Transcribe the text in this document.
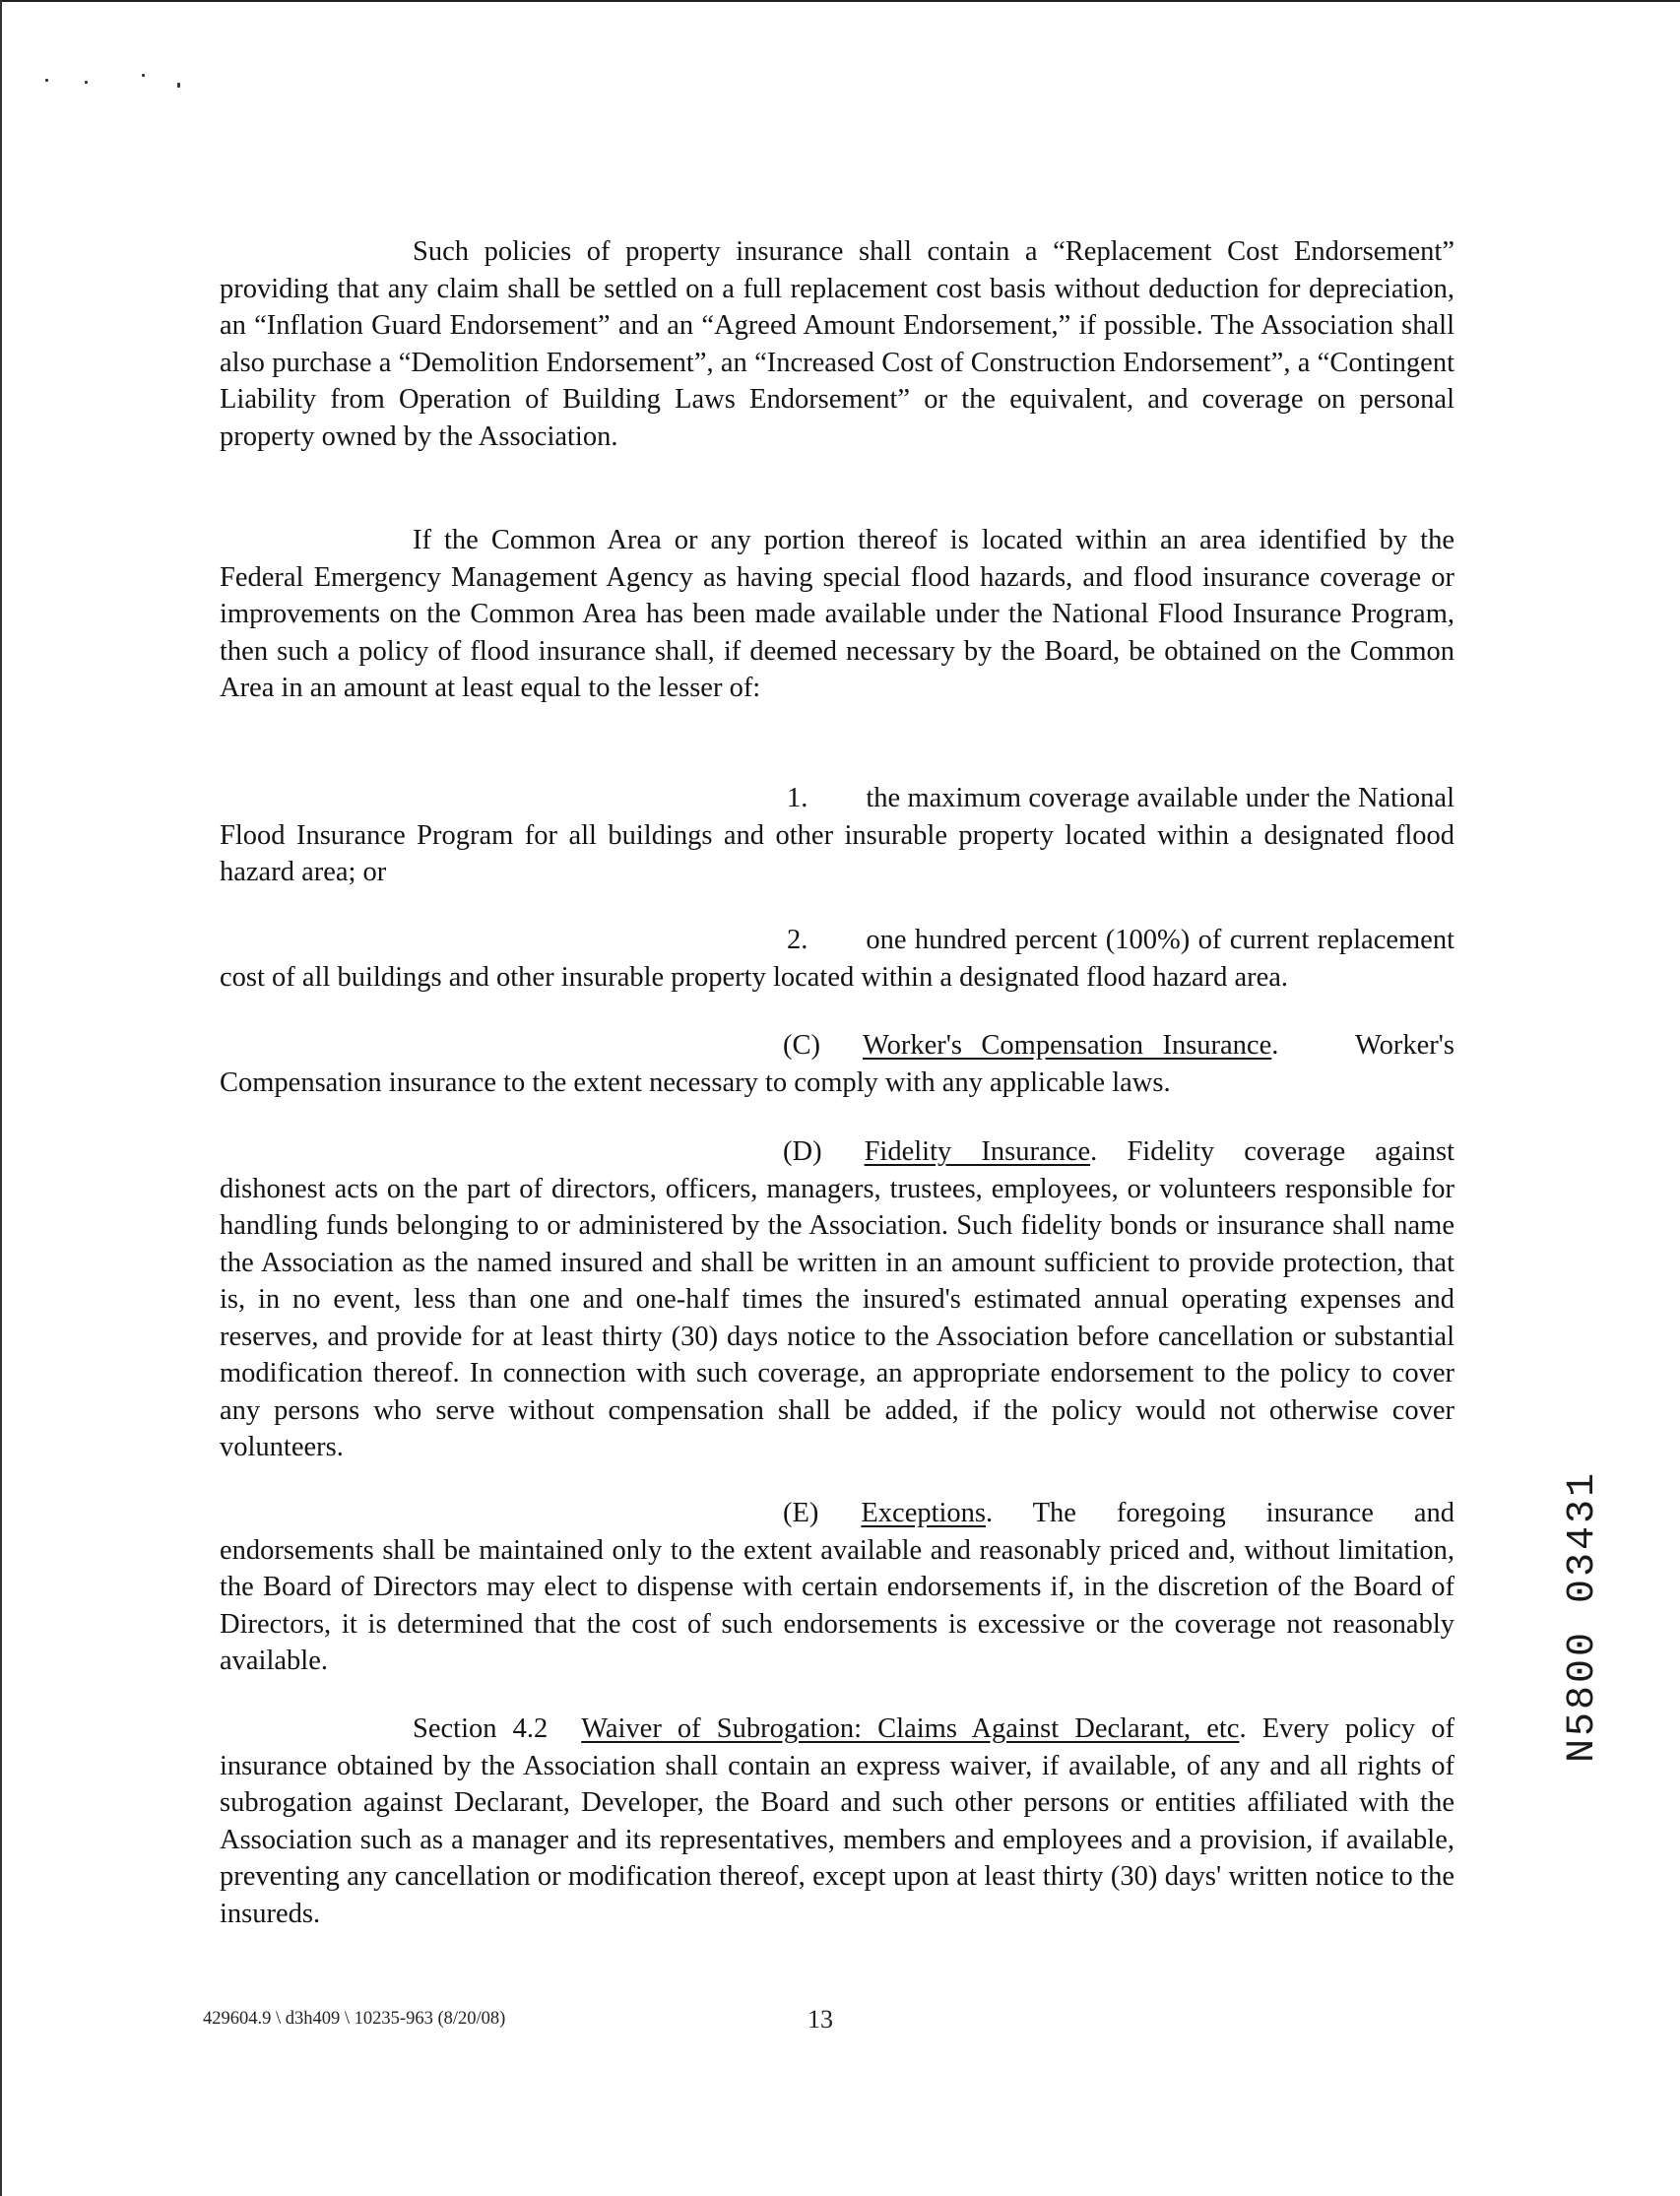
Such policies of property insurance shall contain a “Replacement Cost Endorsement” providing that any claim shall be settled on a full replacement cost basis without deduction for depreciation, an “Inflation Guard Endorsement” and an “Agreed Amount Endorsement,” if possible. The Association shall also purchase a “Demolition Endorsement”, an “Increased Cost of Construction Endorsement”, a “Contingent Liability from Operation of Building Laws Endorsement” or the equivalent, and coverage on personal property owned by the Association.

If the Common Area or any portion thereof is located within an area identified by the Federal Emergency Management Agency as having special flood hazards, and flood insurance coverage or improvements on the Common Area has been made available under the National Flood Insurance Program, then such a policy of flood insurance shall, if deemed necessary by the Board, be obtained on the Common Area in an amount at least equal to the lesser of:

1. the maximum coverage available under the National Flood Insurance Program for all buildings and other insurable property located within a designated flood hazard area; or

2. one hundred percent (100%) of current replacement cost of all buildings and other insurable property located within a designated flood hazard area.

(C) Worker's Compensation Insurance.    Worker's Compensation insurance to the extent necessary to comply with any applicable laws.

(D) Fidelity Insurance. Fidelity coverage against dishonest acts on the part of directors, officers, managers, trustees, employees, or volunteers responsible for handling funds belonging to or administered by the Association. Such fidelity bonds or insurance shall name the Association as the named insured and shall be written in an amount sufficient to provide protection, that is, in no event, less than one and one-half times the insured's estimated annual operating expenses and reserves, and provide for at least thirty (30) days notice to the Association before cancellation or substantial modification thereof. In connection with such coverage, an appropriate endorsement to the policy to cover any persons who serve without compensation shall be added, if the policy would not otherwise cover volunteers.

(E) Exceptions. The foregoing insurance and endorsements shall be maintained only to the extent available and reasonably priced and, without limitation, the Board of Directors may elect to dispense with certain endorsements if, in the discretion of the Board of Directors, it is determined that the cost of such endorsements is excessive or the coverage not reasonably available.

Section 4.2 Waiver of Subrogation: Claims Against Declarant, etc. Every policy of insurance obtained by the Association shall contain an express waiver, if available, of any and all rights of subrogation against Declarant, Developer, the Board and such other persons or entities affiliated with the Association such as a manager and its representatives, members and employees and a provision, if available, preventing any cancellation or modification thereof, except upon at least thirty (30) days' written notice to the insureds.

429604.9 \ d3h409 \ 10235-963 (8/20/08)	13
N5800 03431
